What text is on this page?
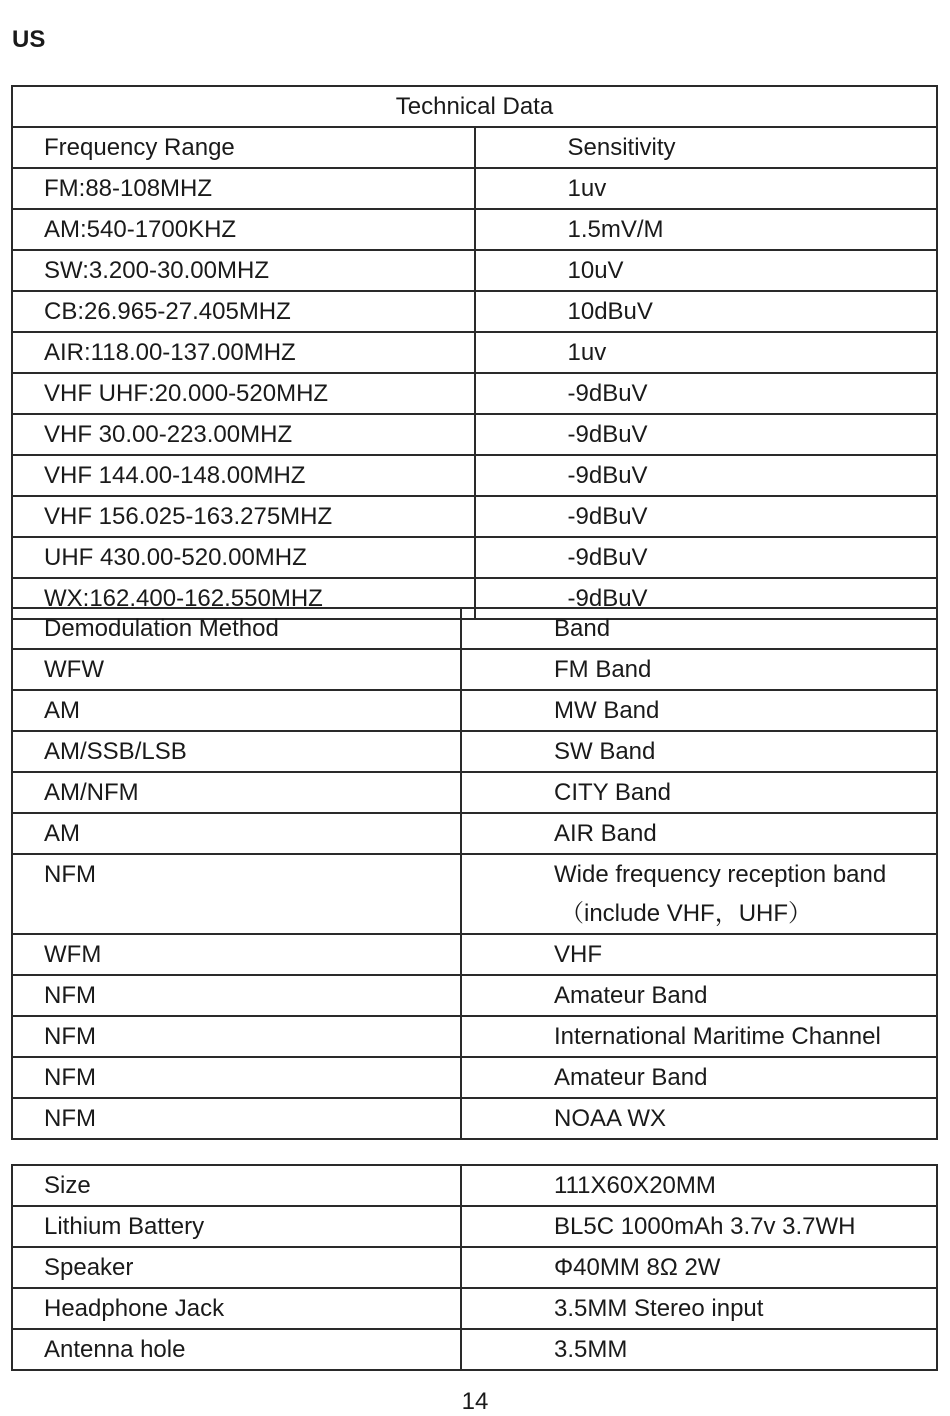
US
Technical Data	
Frequency Range	Sensitivity
FM:88-108MHZ	1uv
AM:540-1700KHZ	1.5mV/M
SW:3.200-30.00MHZ	10uV
CB:26.965-27.405MHZ	10dBuV
AIR:118.00-137.00MHZ	1uv
VHF UHF:20.000-520MHZ	-9dBuV
VHF 30.00-223.00MHZ	-9dBuV
VHF 144.00-148.00MHZ	-9dBuV
VHF 156.025-163.275MHZ	-9dBuV
UHF 430.00-520.00MHZ	-9dBuV
WX:162.400-162.550MHZ	-9dBuV
Demodulation Method	Band
WFW	FM Band
AM	MW Band
AM/SSB/LSB	SW Band
AM/NFM	CITY Band
AM	AIR Band
NFM	Wide frequency reception band
（include VHF，UHF）

WFM	VHF
NFM	Amateur Band
NFM	International Maritime Channel
NFM	Amateur Band
NFM	NOAA WX
Size	111X60X20MM
Lithium Battery	BL5C 1000mAh 3.7v 3.7WH
Speaker	Φ40MM 8Ω 2W
Headphone Jack	3.5MM Stereo input
Antenna hole	3.5MM
14
